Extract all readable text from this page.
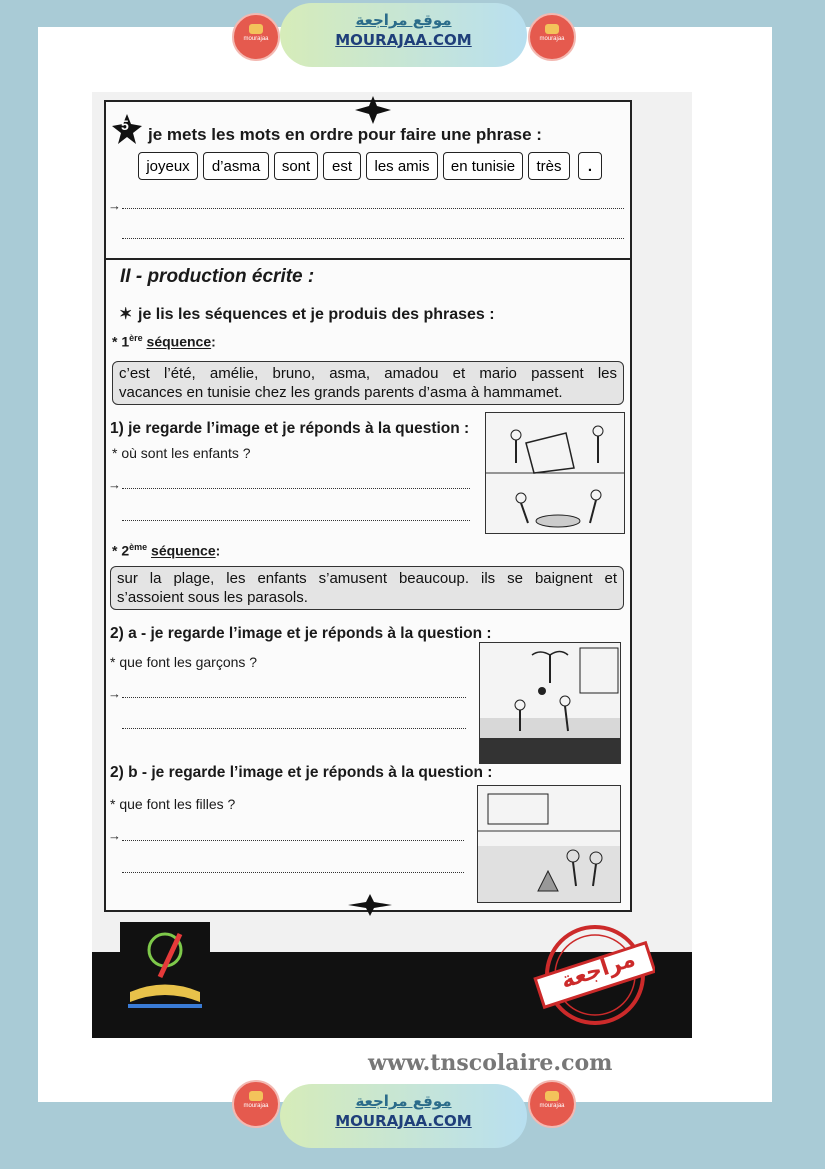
mourajaa
موقع مراجعة
MOURAJAA.COM	mourajaa
5 je mets les mots en ordre pour faire une phrase :
joyeux	d’asma	sont	est	les amis	en tunisie	très	.
→
II - production écrite :
✶ je lis les séquences et je produis des phrases :
* 1ère séquence:
c’est l’été, amélie, bruno, asma, amadou et mario passent les
vacances en tunisie chez les grands parents d’asma à hammamet.
1) je regarde l’image et je réponds à la question :
* où sont les enfants ?
→
* 2ème séquence:
sur la plage, les enfants s’amusent beaucoup. ils se baignent et
s’assoient sous les parasols.
2) a - je regarde l’image et je réponds à la question :
* que font les garçons ?
→
2) b - je regarde l’image et je réponds à la question :
* que font les filles ?
→
مراجعة
www.tnscolaire.com
mourajaa	موقع مراجعة
MOURAJAA.COM
mourajaa
